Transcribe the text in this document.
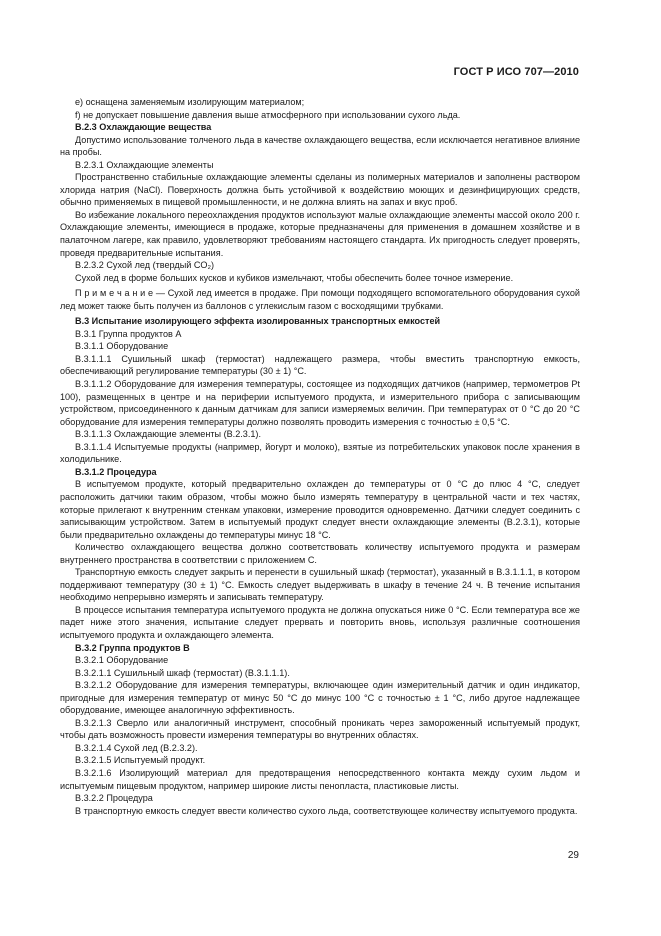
ГОСТ Р ИСО 707—2010

е) оснащена заменяемым изолирующим материалом;

f) не допускает повышение давления выше атмосферного при использовании сухого льда.

В.2.3 Охлаждающие вещества

Допустимо использование толченого льда в качестве охлаждающего вещества, если исключается негативное влияние на пробы.

В.2.3.1 Охлаждающие элементы

Пространственно стабильные охлаждающие элементы сделаны из полимерных материалов и заполнены раствором хлорида натрия (NaCl). Поверхность должна быть устойчивой к воздействию моющих и дезинфицирующих средств, обычно применяемых в пищевой промышленности, и не должна влиять на запах и вкус проб.

Во избежание локального переохлаждения продуктов используют малые охлаждающие элементы массой около 200 г. Охлаждающие элементы, имеющиеся в продаже, которые предназначены для применения в домашнем хозяйстве и в палаточном лагере, как правило, удовлетворяют требованиям настоящего стандарта. Их пригодность следует проверять, проведя предварительные испытания.

В.2.3.2 Сухой лед (твердый CO₂)

Сухой лед в форме больших кусков и кубиков измельчают, чтобы обеспечить более точное измерение.

П р и м е ч а н и е — Сухой лед имеется в продаже. При помощи подходящего вспомогательного оборудования сухой лед может также быть получен из баллонов с углекислым газом с восходящими трубками.

В.3 Испытание изолирующего эффекта изолированных транспортных емкостей

В.3.1 Группа продуктов А

В.3.1.1 Оборудование

В.3.1.1.1 Сушильный шкаф (термостат) надлежащего размера, чтобы вместить транспортную емкость, обеспечивающий регулирование температуры (30 ± 1) °С.

В.3.1.1.2 Оборудование для измерения температуры, состоящее из подходящих датчиков (например, термометров Pt 100), размещенных в центре и на периферии испытуемого продукта, и измерительного прибора с записывающим устройством, присоединенного к данным датчикам для записи измеряемых величин. При температурах от 0 °С до 20 °С оборудование для измерения температуры должно позволять проводить измерения с точностью ± 0,5 °С.

В.3.1.1.3 Охлаждающие элементы (В.2.3.1).

В.3.1.1.4 Испытуемые продукты (например, йогурт и молоко), взятые из потребительских упаковок после хранения в холодильнике.

В.3.1.2 Процедура

В испытуемом продукте, который предварительно охлажден до температуры от 0 °С до плюс 4 °С, следует расположить датчики таким образом, чтобы можно было измерять температуру в центральной части и тех частях, которые прилегают к внутренним стенкам упаковки, измерение проводится одновременно. Датчики следует соединить с записывающим устройством. Затем в испытуемый продукт следует внести охлаждающие элементы (В.2.3.1), которые были предварительно охлаждены до температуры минус 18 °С.

Количество охлаждающего вещества должно соответствовать количеству испытуемого продукта и размерам внутреннего пространства в соответствии с приложением С.

Транспортную емкость следует закрыть и перенести в сушильный шкаф (термостат), указанный в В.3.1.1.1, в котором поддерживают температуру (30 ± 1) °С. Емкость следует выдерживать в шкафу в течение 24 ч. В течение испытания необходимо непрерывно измерять и записывать температуру.

В процессе испытания температура испытуемого продукта не должна опускаться ниже 0 °С. Если температура все же падет ниже этого значения, испытание следует прервать и повторить вновь, используя различные соотношения испытуемого продукта и охлаждающего элемента.

В.3.2 Группа продуктов В

В.3.2.1 Оборудование

В.3.2.1.1 Сушильный шкаф (термостат) (В.3.1.1.1).

В.3.2.1.2 Оборудование для измерения температуры, включающее один измерительный датчик и один индикатор, пригодные для измерения температур от минус 50 °С до минус 100 °С с точностью ± 1 °С, либо другое надлежащее оборудование, имеющее аналогичную эффективность.

В.3.2.1.3 Сверло или аналогичный инструмент, способный проникать через замороженный испытуемый продукт, чтобы дать возможность провести измерения температуры во внутренних областях.

В.3.2.1.4 Сухой лед (В.2.3.2).

В.3.2.1.5 Испытуемый продукт.

В.3.2.1.6 Изолирующий материал для предотвращения непосредственного контакта между сухим льдом и испытуемым пищевым продуктом, например широкие листы пенопласта, пластиковые листы.

В.3.2.2 Процедура

В транспортную емкость следует ввести количество сухого льда, соответствующее количеству испытуемого продукта.

29
